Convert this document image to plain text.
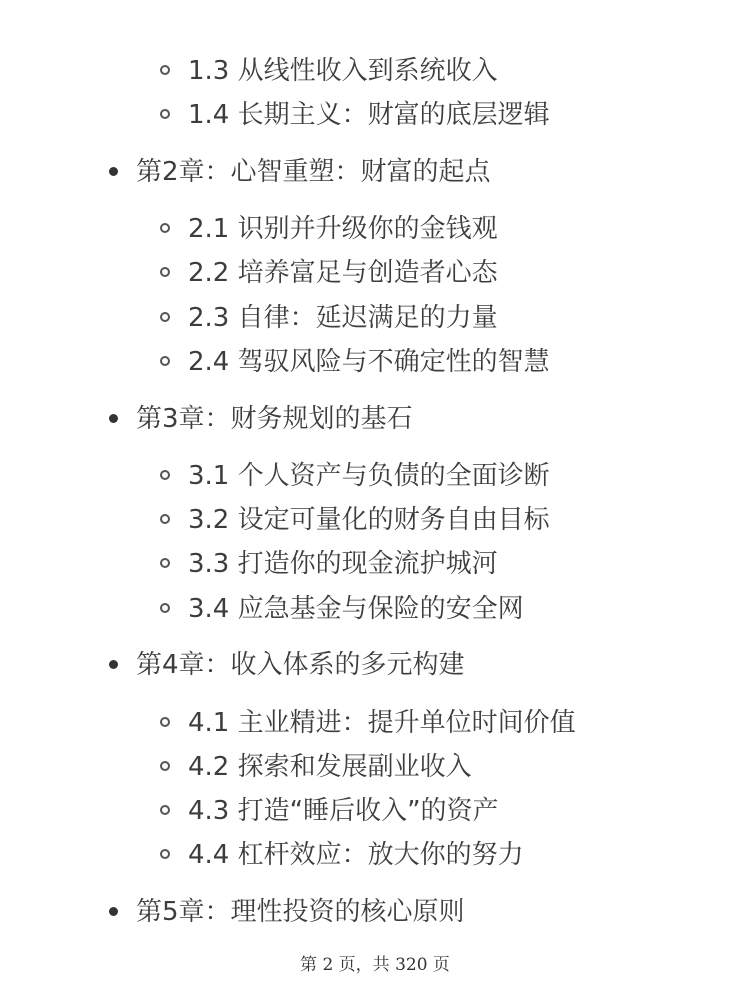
1.3 从线性收入到系统收入
1.4 长期主义：财富的底层逻辑
第2章：心智重塑：财富的起点
2.1 识别并升级你的金钱观
2.2 培养富足与创造者心态
2.3 自律：延迟满足的力量
2.4 驾驭风险与不确定性的智慧
第3章：财务规划的基石
3.1 个人资产与负债的全面诊断
3.2 设定可量化的财务自由目标
3.3 打造你的现金流护城河
3.4 应急基金与保险的安全网
第4章：收入体系的多元构建
4.1 主业精进：提升单位时间价值
4.2 探索和发展副业收入
4.3 打造“睡后收入”的资产
4.4 杠杆效应：放大你的努力
第5章：理性投资的核心原则
第 2 页，共 320 页
